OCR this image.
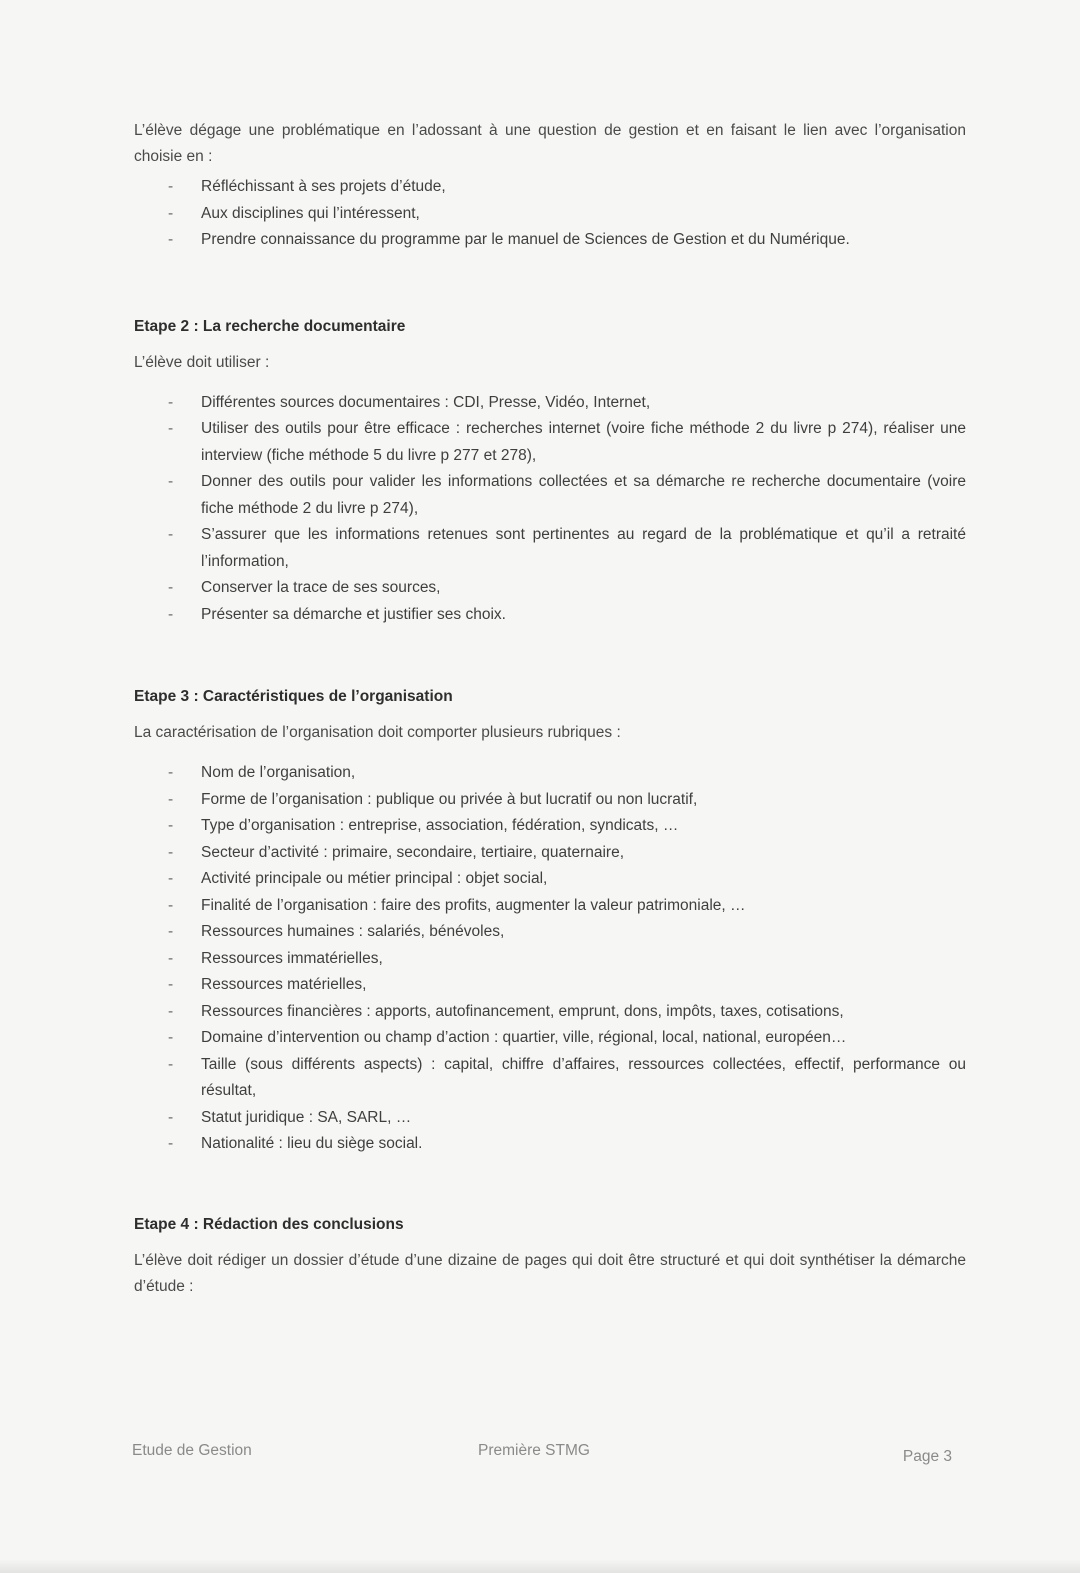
L’élève dégage une problématique en l’adossant à une question de gestion et en faisant le lien avec l’organisation choisie en :

- Réfléchissant à ses projets d’étude,
- Aux disciplines qui l’intéressent,
- Prendre connaissance du programme par le manuel de Sciences de Gestion et du Numérique.
Etape 2 : La recherche documentaire

L’élève doit utiliser :

- Différentes sources documentaires : CDI, Presse, Vidéo, Internet,
- Utiliser des outils pour être efficace : recherches internet (voire fiche méthode 2 du livre p 274), réaliser une interview (fiche méthode 5 du livre p 277 et 278),
- Donner des outils pour valider les informations collectées et sa démarche re recherche documentaire (voire fiche méthode 2 du livre p 274),
- S’assurer que les informations retenues sont pertinentes au regard de la problématique et qu’il a retraité l’information,
- Conserver la trace de ses sources,
- Présenter sa démarche et justifier ses choix.
Etape 3 : Caractéristiques de l’organisation

La caractérisation de l’organisation doit comporter plusieurs rubriques :

- Nom de l’organisation,
- Forme de l’organisation : publique ou privée à but lucratif ou non lucratif,
- Type d’organisation : entreprise, association, fédération, syndicats, …
- Secteur d’activité : primaire, secondaire, tertiaire, quaternaire,
- Activité principale ou métier principal : objet social,
- Finalité de l’organisation : faire des profits, augmenter la valeur patrimoniale, …
- Ressources humaines : salariés, bénévoles,
- Ressources immatérielles,
- Ressources matérielles,
- Ressources financières : apports, autofinancement, emprunt, dons, impôts, taxes, cotisations,
- Domaine d’intervention ou champ d’action : quartier, ville, régional, local, national, européen…
- Taille (sous différents aspects) : capital, chiffre d’affaires, ressources collectées, effectif, performance ou résultat,
- Statut juridique : SA, SARL, …
- Nationalité : lieu du siège social.
Etape 4 : Rédaction des conclusions

L’élève doit rédiger un dossier d’étude d’une dizaine de pages qui doit être structuré et qui doit synthétiser la démarche d’étude :

Etude de Gestion	Première STMG	Page 3
